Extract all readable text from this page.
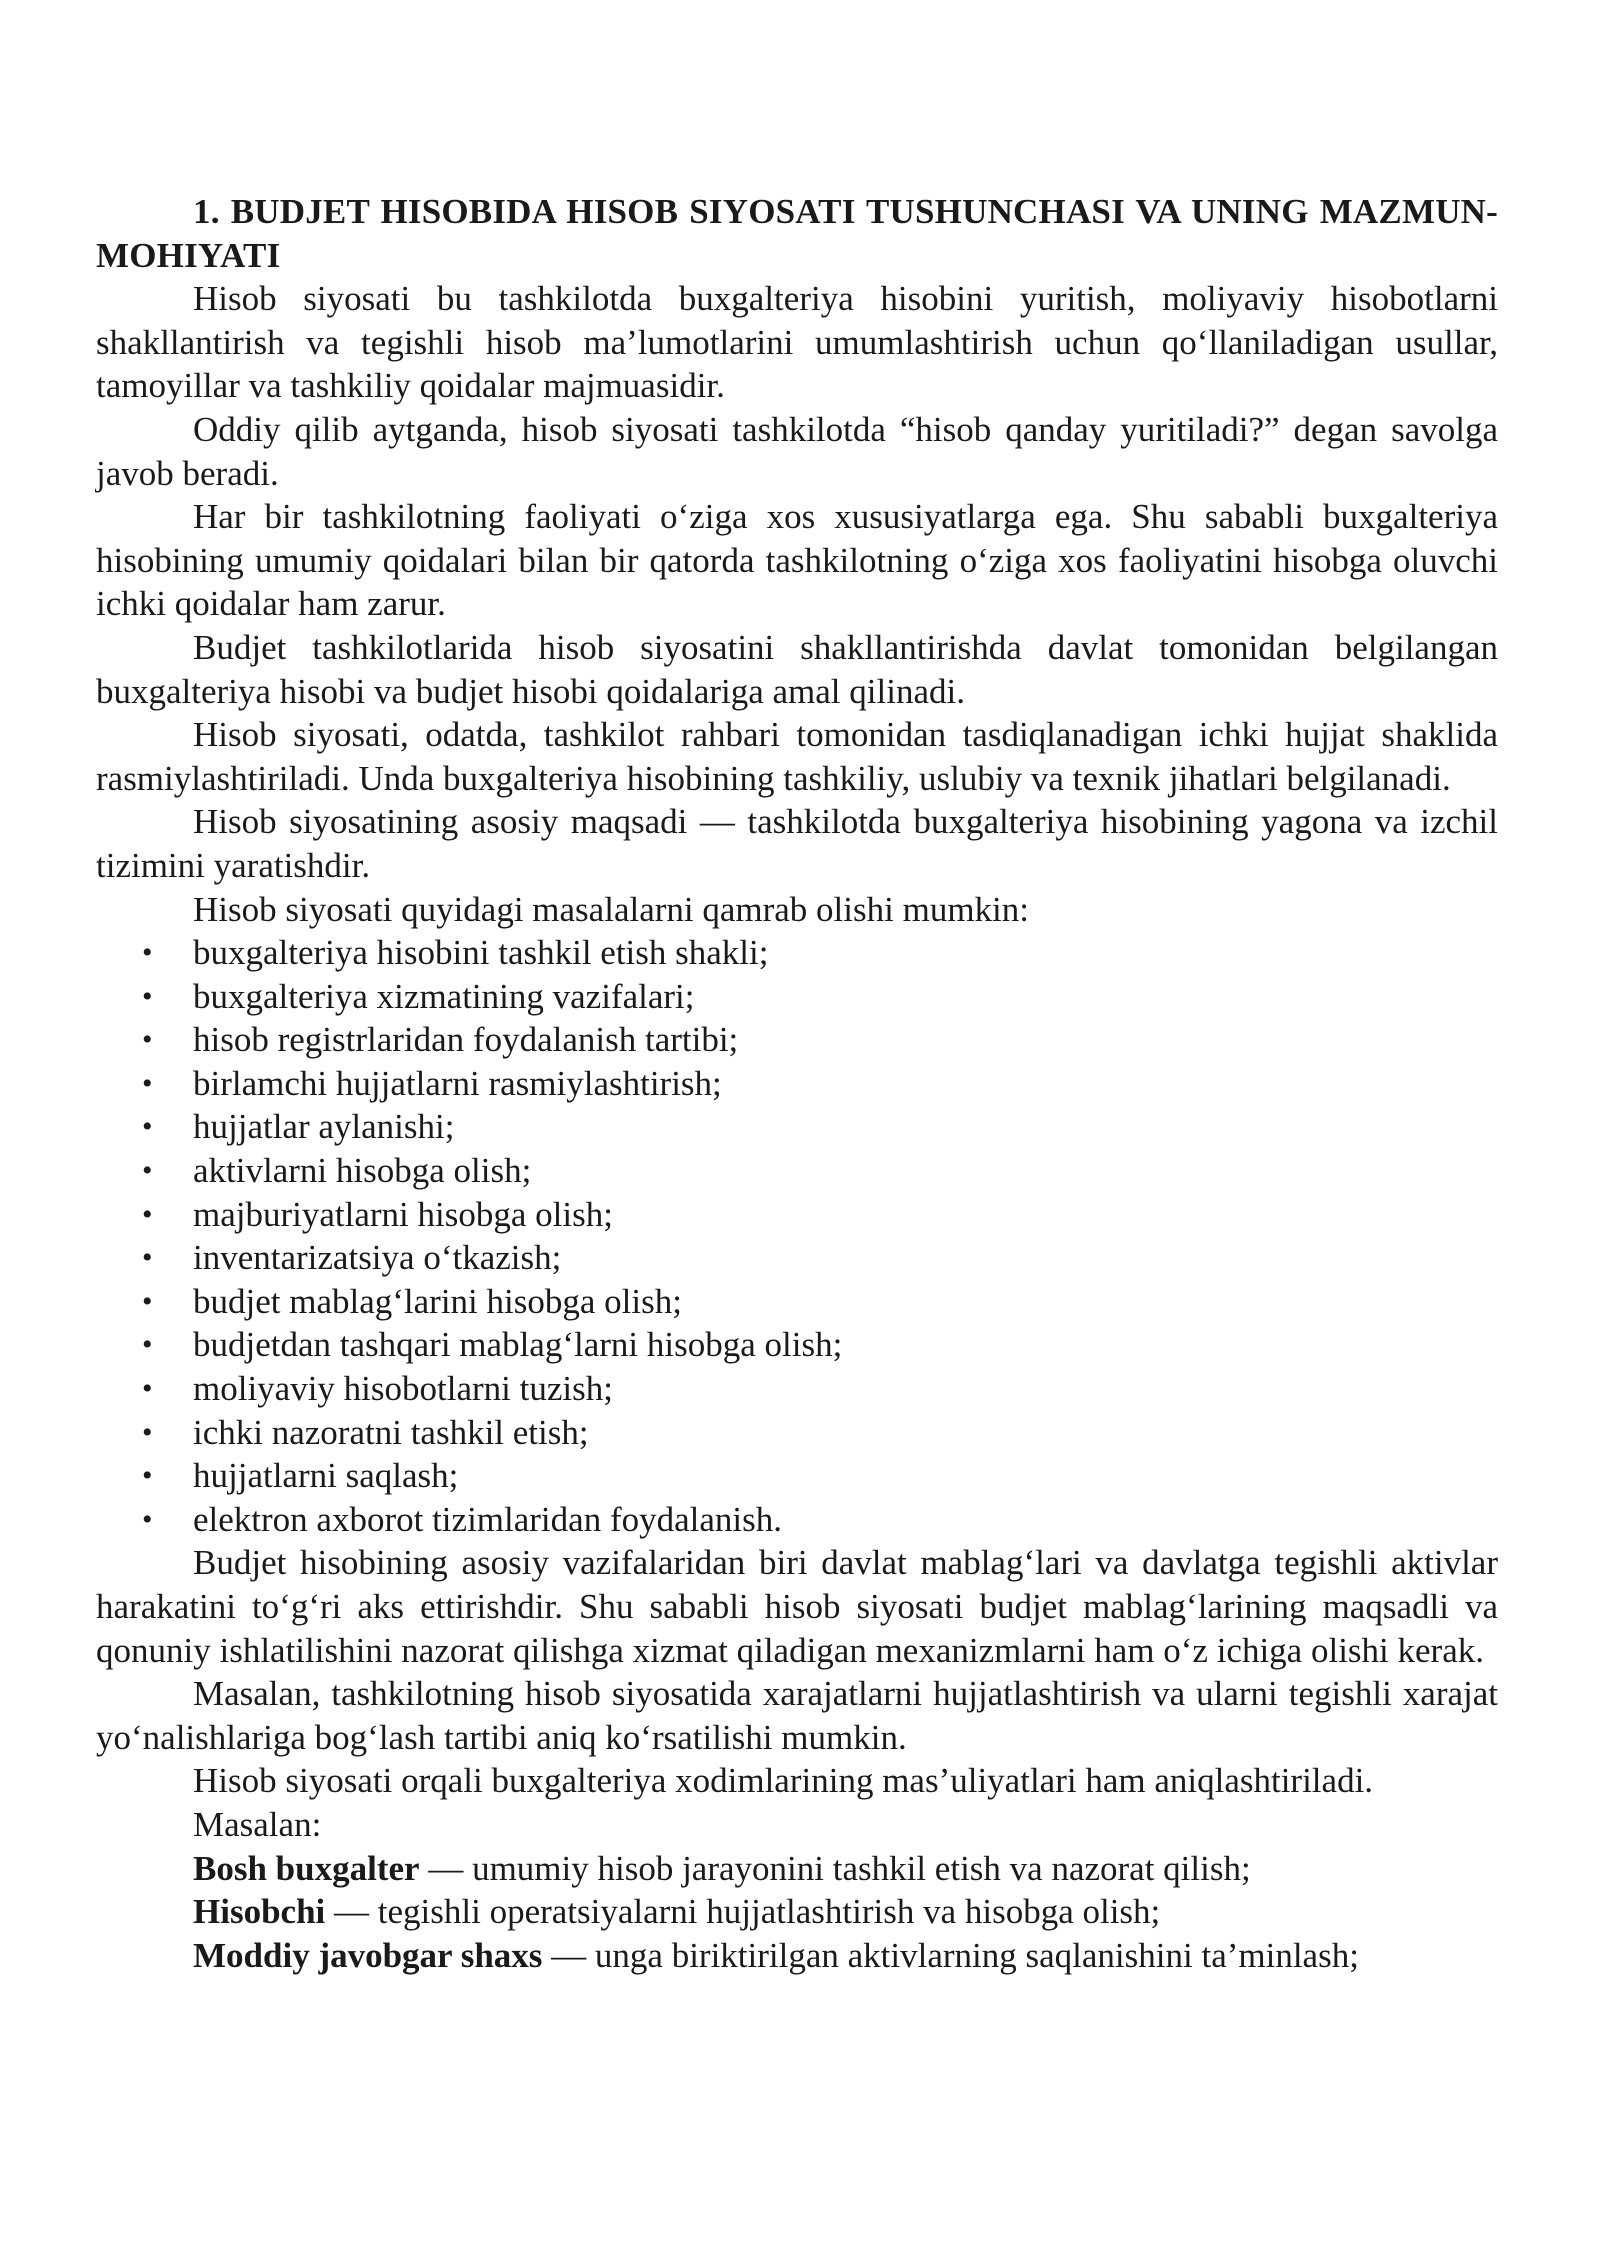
1. BUDJET HISOBIDA HISOB SIYOSATI TUSHUNCHASI VA UNING MAZMUN-MOHIYATI

Hisob siyosati bu tashkilotda buxgalteriya hisobini yuritish, moliyaviy hisobotlarni shakllantirish va tegishli hisob ma’lumotlarini umumlashtirish uchun qo‘llaniladigan usullar, tamoyillar va tashkiliy qoidalar majmuasidir.

Oddiy qilib aytganda, hisob siyosati tashkilotda “hisob qanday yuritiladi?” degan savolga javob beradi.

Har bir tashkilotning faoliyati o‘ziga xos xususiyatlarga ega. Shu sababli buxgalteriya hisobining umumiy qoidalari bilan bir qatorda tashkilotning o‘ziga xos faoliyatini hisobga oluvchi ichki qoidalar ham zarur.

Budjet tashkilotlarida hisob siyosatini shakllantirishda davlat tomonidan belgilangan buxgalteriya hisobi va budjet hisobi qoidalariga amal qilinadi.

Hisob siyosati, odatda, tashkilot rahbari tomonidan tasdiqlanadigan ichki hujjat shaklida rasmiylashtiriladi. Unda buxgalteriya hisobining tashkiliy, uslubiy va texnik jihatlari belgilanadi.

Hisob siyosatining asosiy maqsadi — tashkilotda buxgalteriya hisobining yagona va izchil tizimini yaratishdir.

Hisob siyosati quyidagi masalalarni qamrab olishi mumkin:

• buxgalteriya hisobini tashkil etish shakli;
• buxgalteriya xizmatining vazifalari;
• hisob registrlaridan foydalanish tartibi;
• birlamchi hujjatlarni rasmiylashtirish;
• hujjatlar aylanishi;
• aktivlarni hisobga olish;
• majburiyatlarni hisobga olish;
• inventarizatsiya o‘tkazish;
• budjet mablag‘larini hisobga olish;
• budjetdan tashqari mablag‘larni hisobga olish;
• moliyaviy hisobotlarni tuzish;
• ichki nazoratni tashkil etish;
• hujjatlarni saqlash;
• elektron axborot tizimlaridan foydalanish.

Budjet hisobining asosiy vazifalaridan biri davlat mablag‘lari va davlatga tegishli aktivlar harakatini to‘g‘ri aks ettirishdir. Shu sababli hisob siyosati budjet mablag‘larining maqsadli va qonuniy ishlatilishini nazorat qilishga xizmat qiladigan mexanizmlarni ham o‘z ichiga olishi kerak.

Masalan, tashkilotning hisob siyosatida xarajatlarni hujjatlashtirish va ularni tegishli xarajat yo‘nalishlariga bog‘lash tartibi aniq ko‘rsatilishi mumkin.

Hisob siyosati orqali buxgalteriya xodimlarining mas’uliyatlari ham aniqlashtiriladi.

Masalan:

Bosh buxgalter — umumiy hisob jarayonini tashkil etish va nazorat qilish;

Hisobchi — tegishli operatsiyalarni hujjatlashtirish va hisobga olish;

Moddiy javobgar shaxs — unga biriktirilgan aktivlarning saqlanishini ta’minlash;
